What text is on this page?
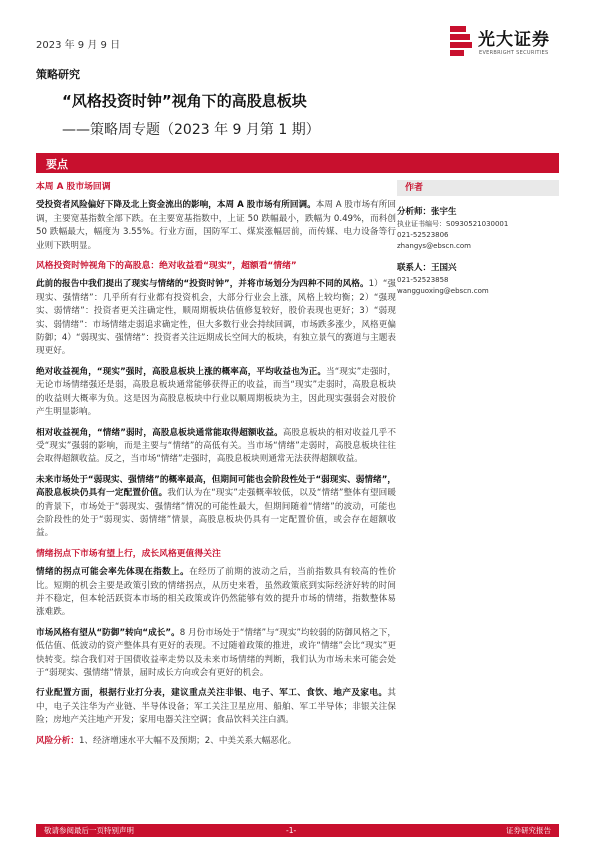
2023 年 9 月 9 日	光大证券
EVERBRIGHT SECURITIES
策略研究
“风格投资时钟”视角下的高股息板块
——策略周专题（2023 年 9 月第 1 期）
要点
本周 A 股市场回调

受投资者风险偏好下降及北上资金流出的影响，本周 A 股市场有所回调。本周 A 股市场有所回调，主要宽基指数全部下跌。在主要宽基指数中，上证 50 跌幅最小，跌幅为 0.49%，而科创 50 跌幅最大，幅度为 3.55%。行业方面，国防军工、煤炭涨幅居前，而传媒、电力设备等行业则下跌明显。

风格投资时钟视角下的高股息：绝对收益看“现实”，超额看“情绪”

此前的报告中我们提出了现实与情绪的“投资时钟”，并将市场划分为四种不同的风格。1）“强现实、强情绪”：几乎所有行业都有投资机会，大部分行业会上涨，风格上较均衡；2）“强现实、弱情绪”：投资者更关注确定性，顺周期板块估值修复较好，股价表现也更好；3）“弱现实、弱情绪”：市场情绪走弱追求确定性，但大多数行业会持续回调，市场跌多涨少，风格更偏防御；4）“弱现实、强情绪”：投资者关注远期成长空间大的板块，有独立景气的赛道与主题表现更好。

绝对收益视角，“现实”强时，高股息板块上涨的概率高，平均收益也为正。当“现实”走强时，无论市场情绪强还是弱，高股息板块通常能够获得正的收益，而当“现实”走弱时，高股息板块的收益则大概率为负。这是因为高股息板块中行业以顺周期板块为主，因此现实强弱会对股价产生明显影响。

相对收益视角，“情绪”弱时，高股息板块通常能取得超额收益。高股息板块的相对收益几乎不受“现实”强弱的影响，而是主要与“情绪”的高低有关。当市场“情绪”走弱时，高股息板块往往会取得超额收益。反之，当市场“情绪”走强时，高股息板块则通常无法获得超额收益。

未来市场处于“弱现实、强情绪”的概率最高，但期间可能也会阶段性处于“弱现实、弱情绪”，高股息板块仍具有一定配置价值。我们认为在“现实”走强概率较低，以及“情绪”整体有望回暖的背景下，市场处于“弱现实、强情绪”情况的可能性最大，但期间随着“情绪”的波动，可能也会阶段性的处于“弱现实、弱情绪”情景，高股息板块仍具有一定配置价值，或会存在超额收益。

情绪拐点下市场有望上行，成长风格更值得关注

情绪的拐点可能会率先体现在指数上。在经历了前期的波动之后，当前指数具有较高的性价比。短期的机会主要是政策引致的情绪拐点，从历史来看，虽然政策底到实际经济好转的时间并不稳定，但本轮活跃资本市场的相关政策或许仍然能够有效的提升市场的情绪，指数整体易涨难跌。

市场风格有望从“防御”转向“成长”。8 月份市场处于“情绪”与“现实”均较弱的防御风格之下，低估值、低波动的资产整体具有更好的表现。不过随着政策的推进，或许“情绪”会比“现实”更快转变。综合我们对于国债收益率走势以及未来市场情绪的判断，我们认为市场未来可能会处于“弱现实、强情绪”情景，届时成长方向或会有更好的机会。

行业配置方面，根据行业打分表，建议重点关注非银、电子、军工、食饮、地产及家电。其中，电子关注华为产业链、半导体设备；军工关注卫星应用、船舶、军工半导体；非银关注保险；房地产关注地产开发；家用电器关注空调；食品饮料关注白酒。

风险分析：1、经济增速水平大幅不及预期；2、中美关系大幅恶化。

作者
分析师：张宇生
执业证书编号：S0930521030001
021-52523806
zhangys@ebscn.com
联系人：王国兴
021-52523858
wangguoxing@ebscn.com
敬请参阅最后一页特别声明	-1-	证券研究报告
